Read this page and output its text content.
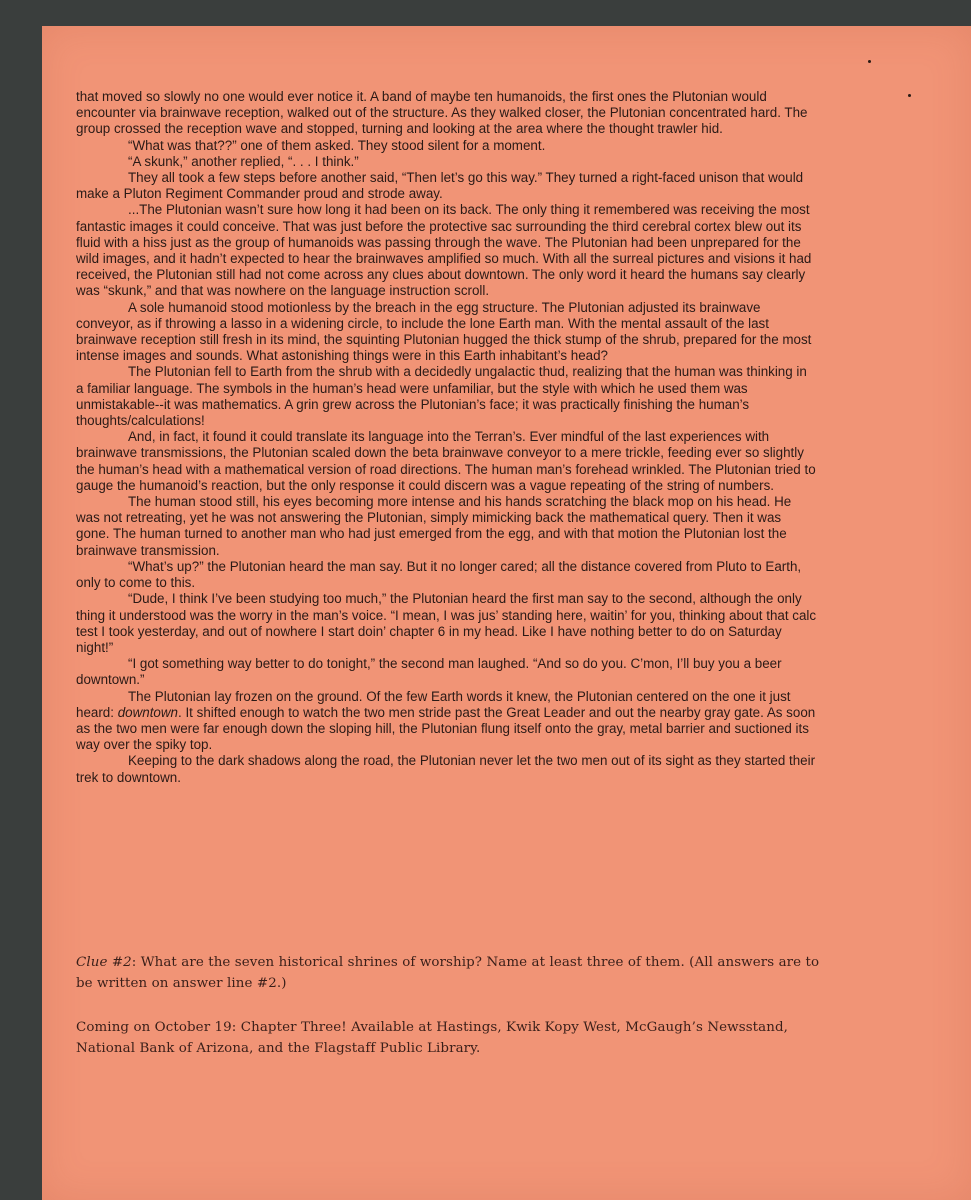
that moved so slowly no one would ever notice it. A band of maybe ten humanoids, the first ones the Plutonian would encounter via brainwave reception, walked out of the structure. As they walked closer, the Plutonian concentrated hard. The group crossed the reception wave and stopped, turning and looking at the area where the thought trawler hid.

“What was that??” one of them asked. They stood silent for a moment.

“A skunk,” another replied, “. . . I think.”

They all took a few steps before another said, “Then let’s go this way.” They turned a right-faced unison that would make a Pluton Regiment Commander proud and strode away.

...The Plutonian wasn’t sure how long it had been on its back. The only thing it remembered was receiving the most fantastic images it could conceive. That was just before the protective sac surrounding the third cerebral cortex blew out its fluid with a hiss just as the group of humanoids was passing through the wave. The Plutonian had been unprepared for the wild images, and it hadn’t expected to hear the brainwaves amplified so much. With all the surreal pictures and visions it had received, the Plutonian still had not come across any clues about downtown. The only word it heard the humans say clearly was “skunk,” and that was nowhere on the language instruction scroll.

A sole humanoid stood motionless by the breach in the egg structure. The Plutonian adjusted its brainwave conveyor, as if throwing a lasso in a widening circle, to include the lone Earth man. With the mental assault of the last brainwave reception still fresh in its mind, the squinting Plutonian hugged the thick stump of the shrub, prepared for the most intense images and sounds. What astonishing things were in this Earth inhabitant’s head?

The Plutonian fell to Earth from the shrub with a decidedly ungalactic thud, realizing that the human was thinking in a familiar language. The symbols in the human’s head were unfamiliar, but the style with which he used them was unmistakable--it was mathematics. A grin grew across the Plutonian’s face; it was practically finishing the human’s thoughts/calculations!

And, in fact, it found it could translate its language into the Terran’s. Ever mindful of the last experiences with brainwave transmissions, the Plutonian scaled down the beta brainwave conveyor to a mere trickle, feeding ever so slightly the human’s head with a mathematical version of road directions. The human man’s forehead wrinkled. The Plutonian tried to gauge the humanoid’s reaction, but the only response it could discern was a vague repeating of the string of numbers.

The human stood still, his eyes becoming more intense and his hands scratching the black mop on his head. He was not retreating, yet he was not answering the Plutonian, simply mimicking back the mathematical query. Then it was gone. The human turned to another man who had just emerged from the egg, and with that motion the Plutonian lost the brainwave transmission.

“What’s up?” the Plutonian heard the man say. But it no longer cared; all the distance covered from Pluto to Earth, only to come to this.

“Dude, I think I’ve been studying too much,” the Plutonian heard the first man say to the second, although the only thing it understood was the worry in the man’s voice. “I mean, I was jus’ standing here, waitin’ for you, thinking about that calc test I took yesterday, and out of nowhere I start doin’ chapter 6 in my head. Like I have nothing better to do on Saturday night!”

“I got something way better to do tonight,” the second man laughed. “And so do you. C’mon, I’ll buy you a beer downtown.”

The Plutonian lay frozen on the ground. Of the few Earth words it knew, the Plutonian centered on the one it just heard: downtown. It shifted enough to watch the two men stride past the Great Leader and out the nearby gray gate. As soon as the two men were far enough down the sloping hill, the Plutonian flung itself onto the gray, metal barrier and suctioned its way over the spiky top.

Keeping to the dark shadows along the road, the Plutonian never let the two men out of its sight as they started their trek to downtown.

Clue #2: What are the seven historical shrines of worship? Name at least three of them. (All answers are to be written on answer line #2.)
Coming on October 19: Chapter Three! Available at Hastings, Kwik Kopy West, McGaugh’s Newsstand, National Bank of Arizona, and the Flagstaff Public Library.
